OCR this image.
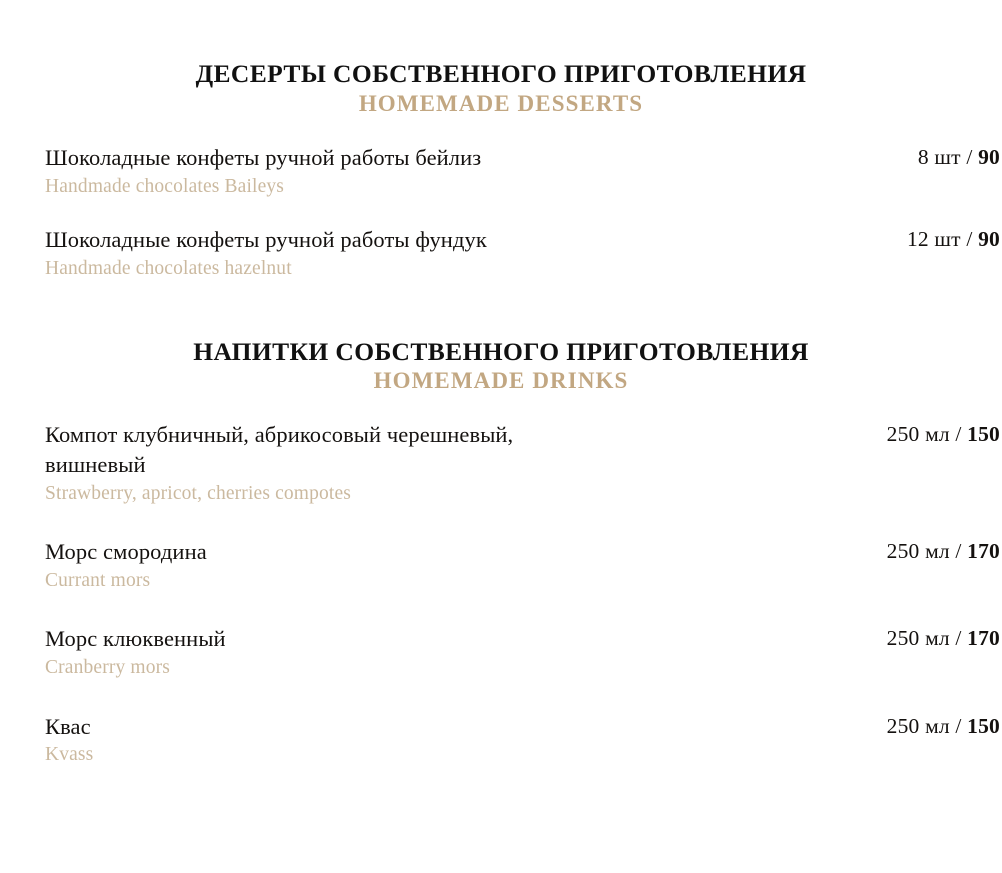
ДЕСЕРТЫ СОБСТВЕННОГО ПРИГОТОВЛЕНИЯ
HOMEMADE DESSERTS
Шоколадные конфеты ручной работы бейлиз
Handmade chocolates Baileys
8 шт / 90
Шоколадные конфеты ручной работы фундук
Handmade chocolates hazelnut
12 шт / 90
НАПИТКИ СОБСТВЕННОГО ПРИГОТОВЛЕНИЯ
HOMEMADE DRINKS
Компот клубничный, абрикосовый черешневый, вишневый
Strawberry, apricot, cherries compotes
250 мл / 150
Морс смородина
Currant mors
250 мл / 170
Морс клюквенный
Cranberry mors
250 мл / 170
Квас
Kvass
250 мл / 150
